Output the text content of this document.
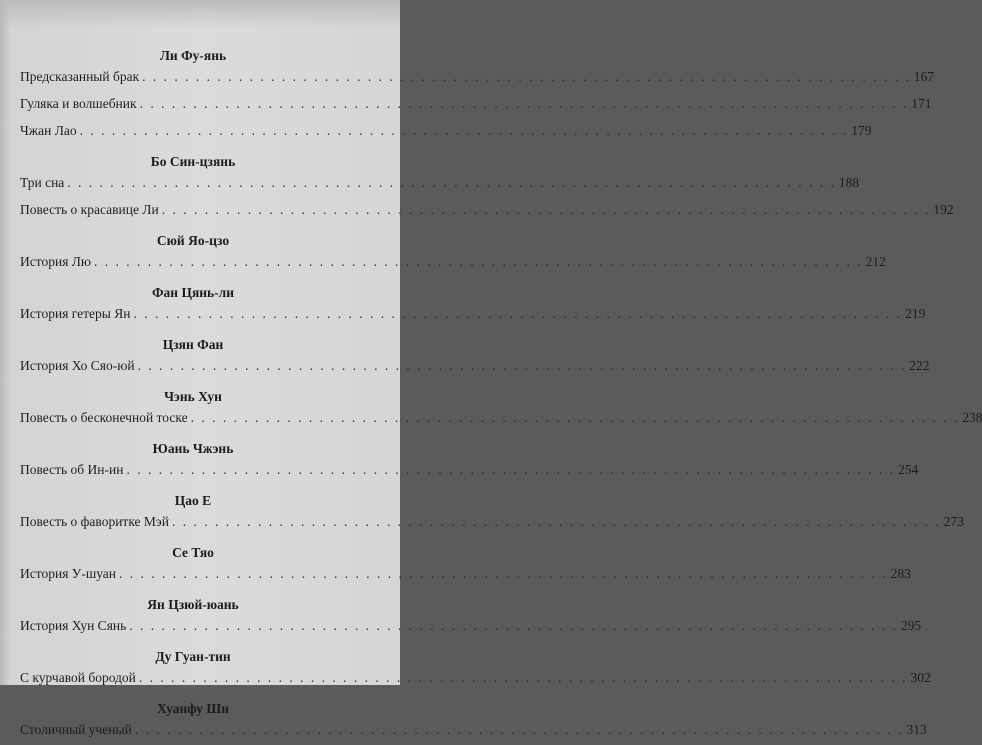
Ли Фу-янь
Предсказанный брак . . .	167
Гуляка и волшебник . . .	171
Чжан Лао . . .	179
Бо Син-цзянь
Три сна . . .	188
Повесть о красавице Ли . . .	192
Сюй Яо-цзо
История Лю . . .	212
Фан Цянь-ли
История гетеры Ян . . .	219
Цзян Фан
История Хо Сяо-юй . . .	222
Чэнь Хун
Повесть о бесконечной тоске . . .	238
Юань Чжэнь
Повесть об Ин-ин . . .	254
Цао Е
Повесть о фаворитке Мэй . . .	273
Се Тяо
История У-шуан . . .	283
Ян Цзюй-юань
История Хун Сянь . . .	295
Ду Гуан-тин
С курчавой бородой . . .	302
Хуанфу Ши
Столичный ученый . . .	313
